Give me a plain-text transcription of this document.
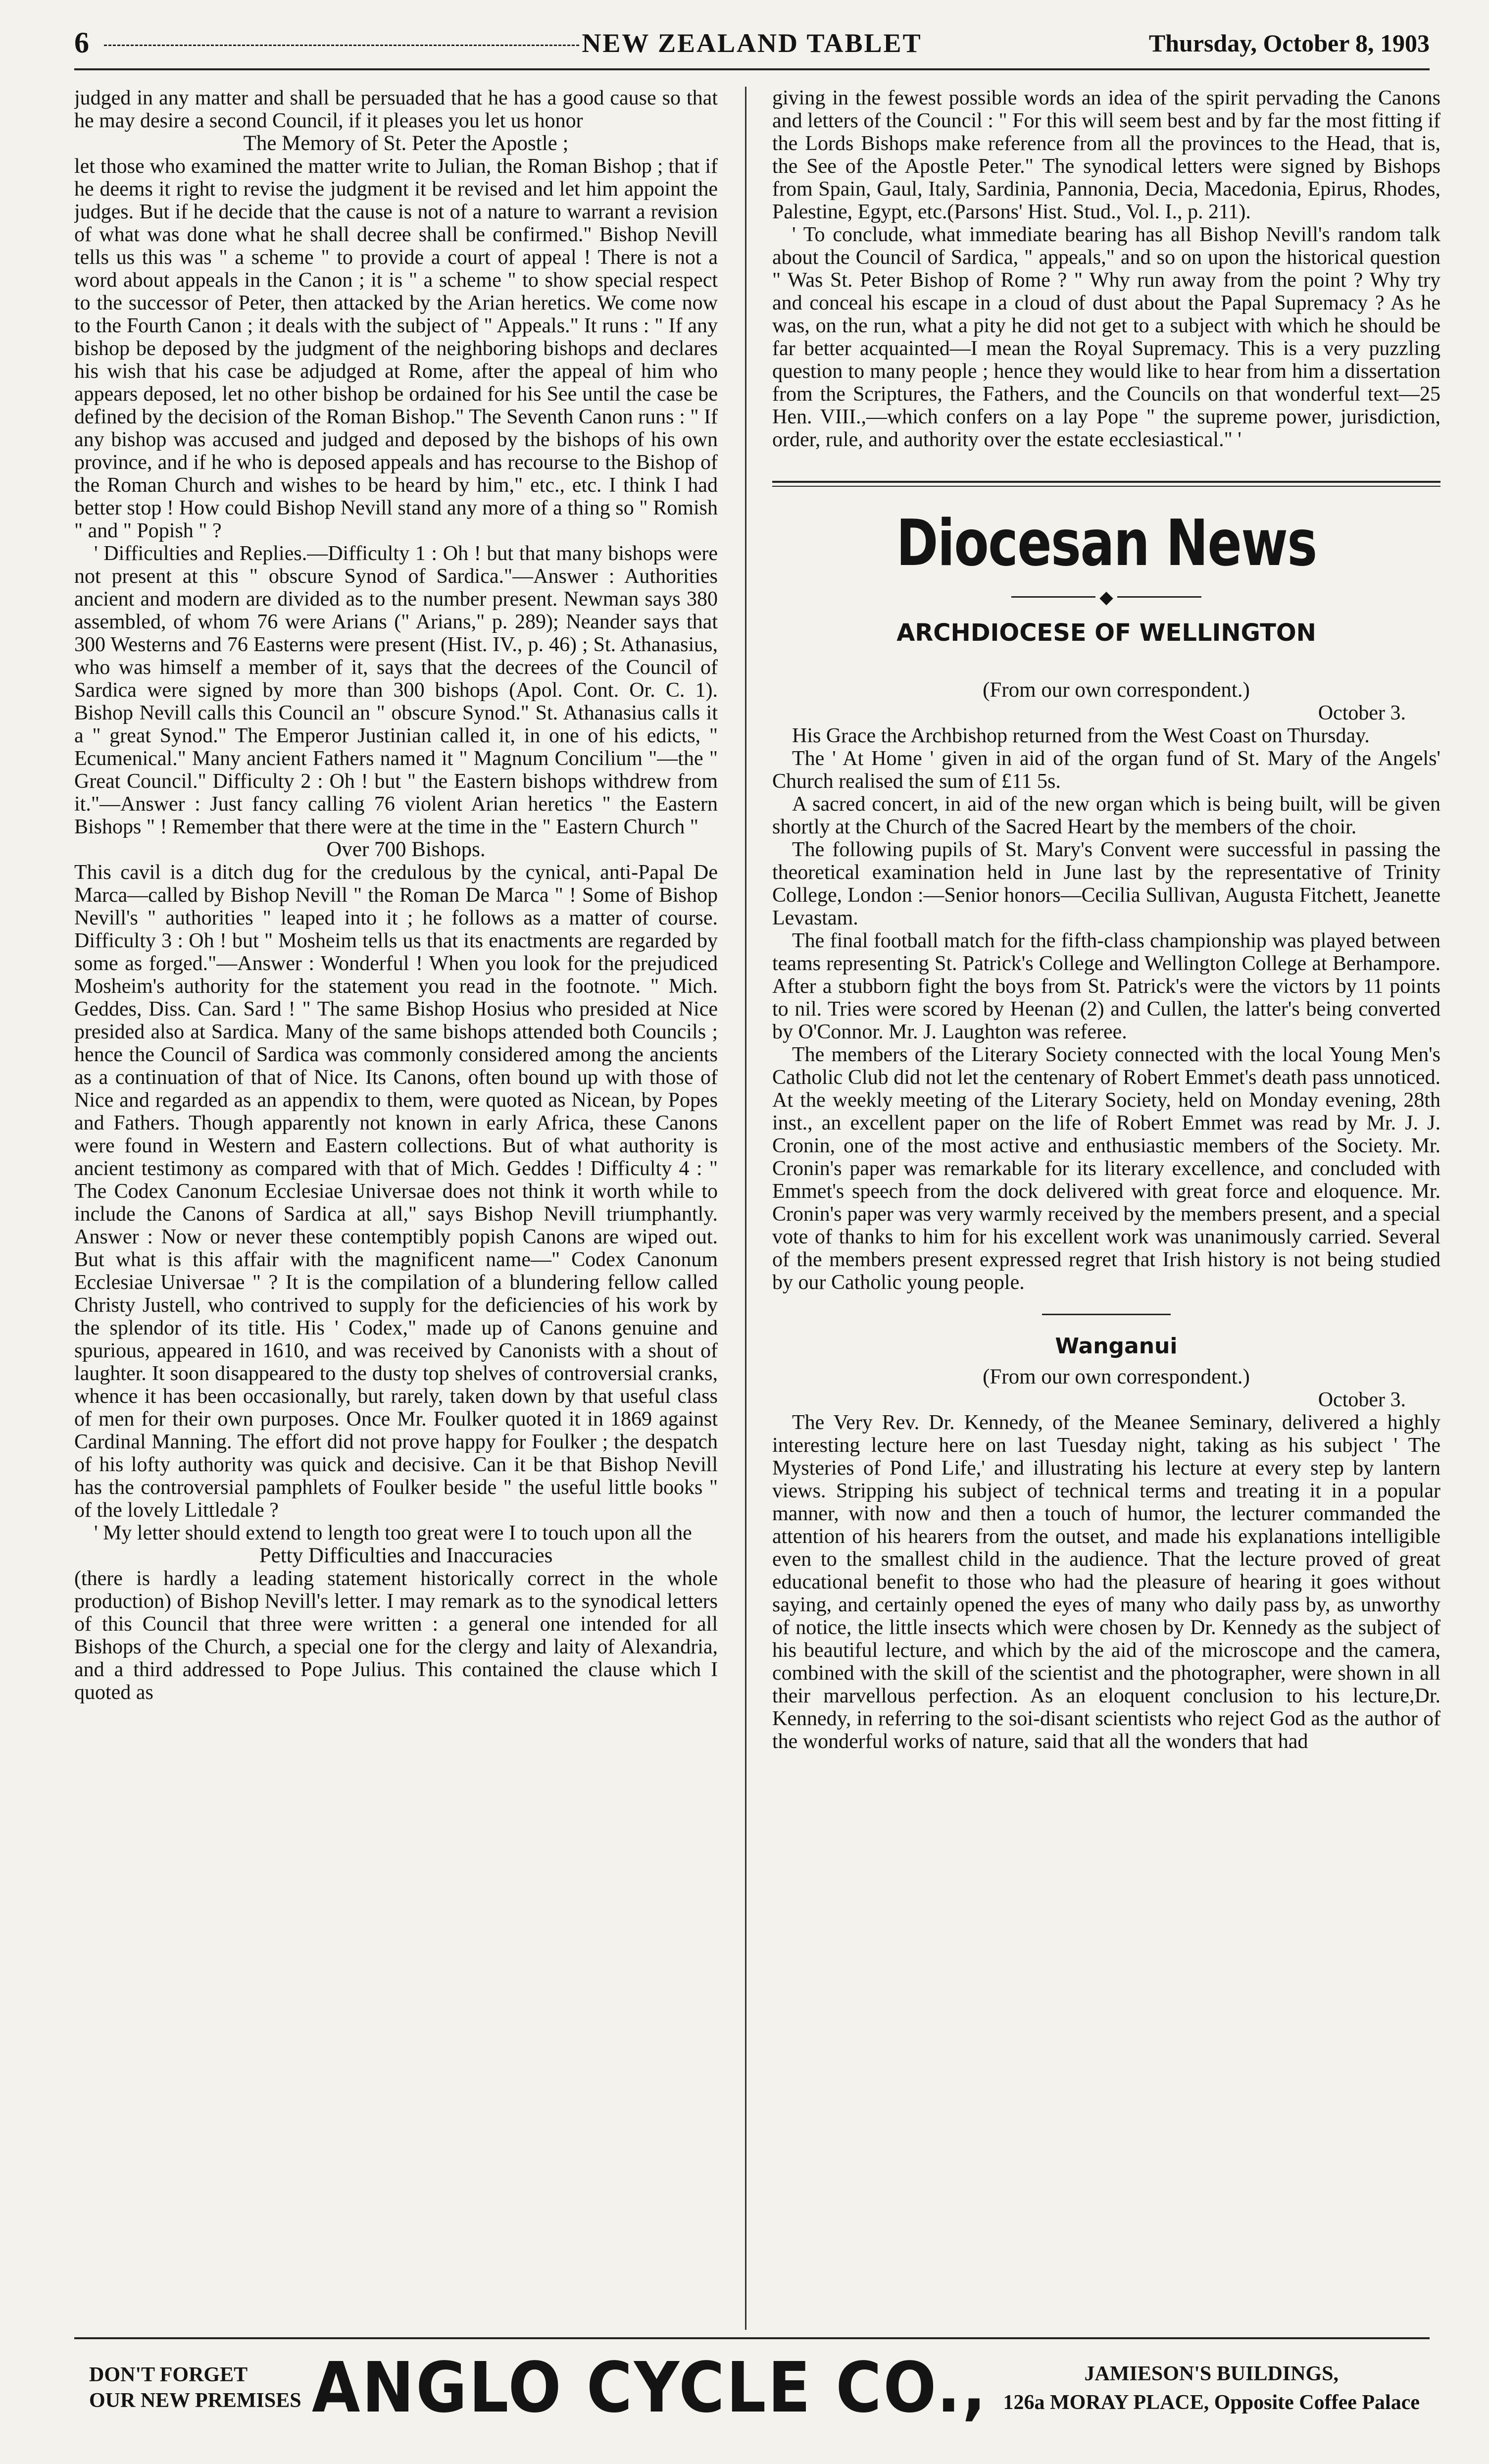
6	NEW ZEALAND TABLET	Thursday, October 8, 1903

judged in any matter and shall be persuaded that he has a good cause so that he may desire a second Council, if it pleases you let us honor

The Memory of St. Peter the Apostle ;

let those who examined the matter write to Julian, the Roman Bishop ; that if he deems it right to revise the judgment it be revised and let him appoint the judges. But if he decide that the cause is not of a nature to warrant a revision of what was done what he shall decree shall be confirmed." Bishop Nevill tells us this was " a scheme " to provide a court of appeal ! There is not a word about appeals in the Canon ; it is " a scheme " to show special respect to the successor of Peter, then attacked by the Arian heretics. We come now to the Fourth Canon ; it deals with the subject of " Appeals." It runs : " If any bishop be deposed by the judgment of the neighboring bishops and declares his wish that his case be adjudged at Rome, after the appeal of him who appears deposed, let no other bishop be ordained for his See until the case be defined by the decision of the Roman Bishop." The Seventh Canon runs : " If any bishop was accused and judged and deposed by the bishops of his own province, and if he who is deposed appeals and has recourse to the Bishop of the Roman Church and wishes to be heard by him," etc., etc. I think I had better stop ! How could Bishop Nevill stand any more of a thing so " Romish " and " Popish " ?

' Difficulties and Replies.—Difficulty 1 : Oh ! but that many bishops were not present at this " obscure Synod of Sardica."—Answer : Authorities ancient and modern are divided as to the number present. Newman says 380 assembled, of whom 76 were Arians (" Arians," p. 289); Neander says that 300 Westerns and 76 Easterns were present (Hist. IV., p. 46) ; St. Athanasius, who was himself a member of it, says that the decrees of the Council of Sardica were signed by more than 300 bishops (Apol. Cont. Or. C. 1). Bishop Nevill calls this Council an " obscure Synod." St. Athanasius calls it a " great Synod." The Emperor Justinian called it, in one of his edicts, " Ecumenical." Many ancient Fathers named it " Magnum Concilium "—the " Great Council." Difficulty 2 : Oh ! but " the Eastern bishops withdrew from it."—Answer : Just fancy calling 76 violent Arian heretics " the Eastern Bishops " ! Remember that there were at the time in the " Eastern Church "

Over 700 Bishops.

This cavil is a ditch dug for the credulous by the cynical, anti-Papal De Marca—called by Bishop Nevill " the Roman De Marca " ! Some of Bishop Nevill's " authorities " leaped into it ; he follows as a matter of course. Difficulty 3 : Oh ! but " Mosheim tells us that its enactments are regarded by some as forged."—Answer : Wonderful ! When you look for the prejudiced Mosheim's authority for the statement you read in the footnote. " Mich. Geddes, Diss. Can. Sard ! " The same Bishop Hosius who presided at Nice presided also at Sardica. Many of the same bishops attended both Councils ; hence the Council of Sardica was commonly considered among the ancients as a continuation of that of Nice. Its Canons, often bound up with those of Nice and regarded as an appendix to them, were quoted as Nicean, by Popes and Fathers. Though apparently not known in early Africa, these Canons were found in Western and Eastern collections. But of what authority is ancient testimony as compared with that of Mich. Geddes ! Difficulty 4 : " The Codex Canonum Ecclesiae Universae does not think it worth while to include the Canons of Sardica at all," says Bishop Nevill triumphantly. Answer : Now or never these contemptibly popish Canons are wiped out. But what is this affair with the magnificent name—" Codex Canonum Ecclesiae Universae " ? It is the compilation of a blundering fellow called Christy Justell, who contrived to supply for the deficiencies of his work by the splendor of its title. His ' Codex," made up of Canons genuine and spurious, appeared in 1610, and was received by Canonists with a shout of laughter. It soon disappeared to the dusty top shelves of controversial cranks, whence it has been occasionally, but rarely, taken down by that useful class of men for their own purposes. Once Mr. Foulker quoted it in 1869 against Cardinal Manning. The effort did not prove happy for Foulker ; the despatch of his lofty authority was quick and decisive. Can it be that Bishop Nevill has the controversial pamphlets of Foulker beside " the useful little books " of the lovely Littledale ?

' My letter should extend to length too great were I to touch upon all the

Petty Difficulties and Inaccuracies

(there is hardly a leading statement historically correct in the whole production) of Bishop Nevill's letter. I may remark as to the synodical letters of this Council that three were written : a general one intended for all Bishops of the Church, a special one for the clergy and laity of Alexandria, and a third addressed to Pope Julius. This contained the clause which I quoted as

giving in the fewest possible words an idea of the spirit pervading the Canons and letters of the Council : " For this will seem best and by far the most fitting if the Lords Bishops make reference from all the provinces to the Head, that is, the See of the Apostle Peter." The synodical letters were signed by Bishops from Spain, Gaul, Italy, Sardinia, Pannonia, Decia, Macedonia, Epirus, Rhodes, Palestine, Egypt, etc.(Parsons' Hist. Stud., Vol. I., p. 211).

' To conclude, what immediate bearing has all Bishop Nevill's random talk about the Council of Sardica, " appeals," and so on upon the historical question " Was St. Peter Bishop of Rome ? " Why run away from the point ? Why try and conceal his escape in a cloud of dust about the Papal Supremacy ? As he was, on the run, what a pity he did not get to a subject with which he should be far better acquainted—I mean the Royal Supremacy. This is a very puzzling question to many people ; hence they would like to hear from him a dissertation from the Scriptures, the Fathers, and the Councils on that wonderful text—25 Hen. VIII.,—which confers on a lay Pope " the supreme power, jurisdiction, order, rule, and authority over the estate ecclesiastical." '

Diocesan News
◆
ARCHDIOCESE OF WELLINGTON

(From our own correspondent.)

October 3.

His Grace the Archbishop returned from the West Coast on Thursday.

The ' At Home ' given in aid of the organ fund of St. Mary of the Angels' Church realised the sum of £11 5s.

A sacred concert, in aid of the new organ which is being built, will be given shortly at the Church of the Sacred Heart by the members of the choir.

The following pupils of St. Mary's Convent were successful in passing the theoretical examination held in June last by the representative of Trinity College, London :—Senior honors—Cecilia Sullivan, Augusta Fitchett, Jeanette Levastam.

The final football match for the fifth-class championship was played between teams representing St. Patrick's College and Wellington College at Berhampore. After a stubborn fight the boys from St. Patrick's were the victors by 11 points to nil. Tries were scored by Heenan (2) and Cullen, the latter's being converted by O'Connor. Mr. J. Laughton was referee.

The members of the Literary Society connected with the local Young Men's Catholic Club did not let the centenary of Robert Emmet's death pass unnoticed. At the weekly meeting of the Literary Society, held on Monday evening, 28th inst., an excellent paper on the life of Robert Emmet was read by Mr. J. J. Cronin, one of the most active and enthusiastic members of the Society. Mr. Cronin's paper was remarkable for its literary excellence, and concluded with Emmet's speech from the dock delivered with great force and eloquence. Mr. Cronin's paper was very warmly received by the members present, and a special vote of thanks to him for his excellent work was unanimously carried. Several of the members present expressed regret that Irish history is not being studied by our Catholic young people.

Wanganui

(From our own correspondent.)

October 3.

The Very Rev. Dr. Kennedy, of the Meanee Seminary, delivered a highly interesting lecture here on last Tuesday night, taking as his subject ' The Mysteries of Pond Life,' and illustrating his lecture at every step by lantern views. Stripping his subject of technical terms and treating it in a popular manner, with now and then a touch of humor, the lecturer commanded the attention of his hearers from the outset, and made his explanations intelligible even to the smallest child in the audience. That the lecture proved of great educational benefit to those who had the pleasure of hearing it goes without saying, and certainly opened the eyes of many who daily pass by, as unworthy of notice, the little insects which were chosen by Dr. Kennedy as the subject of his beautiful lecture, and which by the aid of the microscope and the camera, combined with the skill of the scientist and the photographer, were shown in all their marvellous perfection. As an eloquent conclusion to his lecture,Dr. Kennedy, in referring to the soi-disant scientists who reject God as the author of the wonderful works of nature, said that all the wonders that had

DON'T FORGET
OUR NEW PREMISES ANGLO CYCLE CO.,	JAMIESON'S BUILDINGS,
126a MORAY PLACE, Opposite Coffee Palace
